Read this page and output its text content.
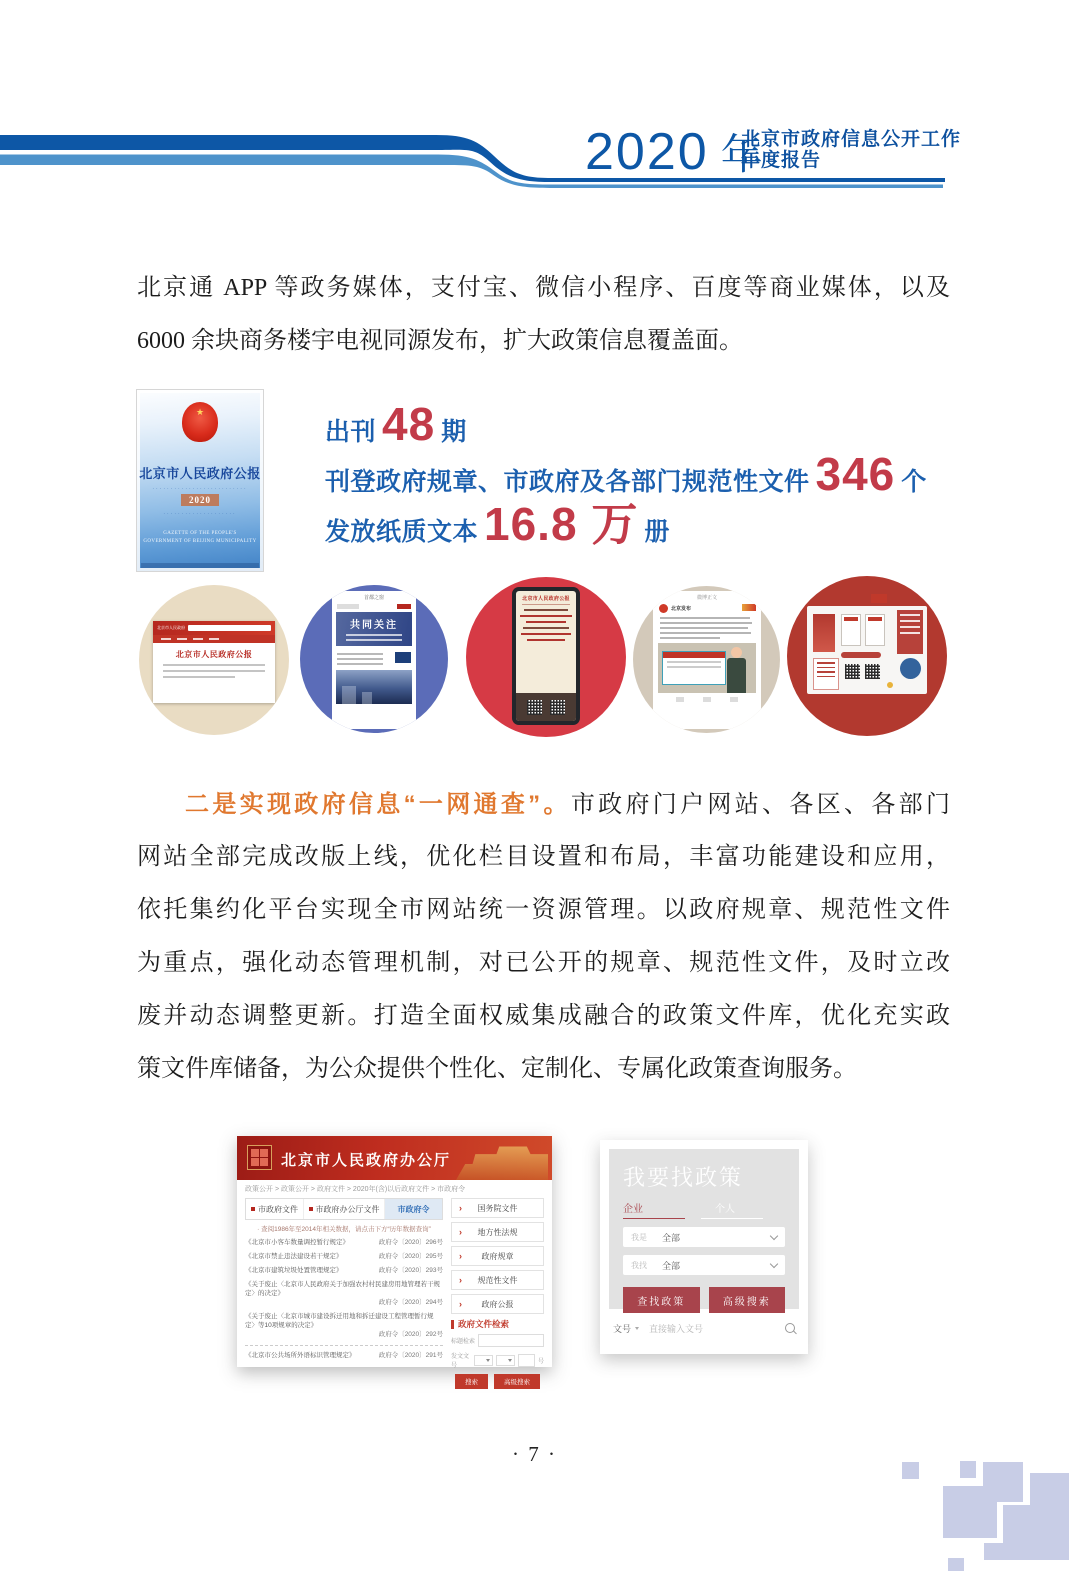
2020 年
北京市政府信息公开工作
年度报告
北京通 APP 等政务媒体，支付宝、微信小程序、百度等商业媒体，以及
6000 余块商务楼宇电视同源发布，扩大政策信息覆盖面。
★
北京市人民政府公报
··························
2020
····················
GAZETTE OF THE PEOPLE'S
GOVERNMENT OF BEIJING MUNICIPALITY
出刊 48 期
刊登政府规章、市政府及各部门规范性文件 346 个
发放纸质文本 16.8 万 册
北京市人民政府
北京市人民政府公报
首都之窗
共同关注
北京市人民政府公报	微博正文
北京发布
二是实现政府信息“一网通查”。市政府门户网站、各区、各部门
网站全部完成改版上线，优化栏目设置和布局，丰富功能建设和应用，
依托集约化平台实现全市网站统一资源管理。以政府规章、规范性文件
为重点，强化动态管理机制，对已公开的规章、规范性文件，及时立改
废并动态调整更新。打造全面权威集成融合的政策文件库，优化充实政
策文件库储备，为公众提供个性化、定制化、专属化政策查询服务。
北京市人民政府办公厅
政策公开 > 政策公开 > 政府文件 > 2020年(含)以后政府文件 > 市政府令
市政府文件 市政府办公厅文件 市政府令
· 查阅1986年至2014年相关数据，请点击下方“历年数据查询”
《北京市小客车数量调控暂行规定》	政府令〔2020〕296号
《北京市禁止违法建设若干规定》	政府令〔2020〕295号
《北京市建筑垃圾处置管理规定》	政府令〔2020〕293号
《关于废止〈北京市人民政府关于加强农村村民建房用地管理若干规定〉的决定》
政府令〔2020〕294号
《关于废止〈北京市城市建设拆迁用地和拆迁建设工程管理暂行规定〉等10项规章的决定》
政府令〔2020〕292号
《北京市公共场所外语标识管理规定》	政府令〔2020〕291号
›	国务院文件
›	地方性法规
›	政府规章
›	规范性文件
›	政府公报
政府文件检索
标题检索
发文文号
号
搜索	高级搜索
我要找政策
企业	个人
我是 全部
我找 全部
查找政策	高级搜索
文号 直接输入文号
· 7 ·
